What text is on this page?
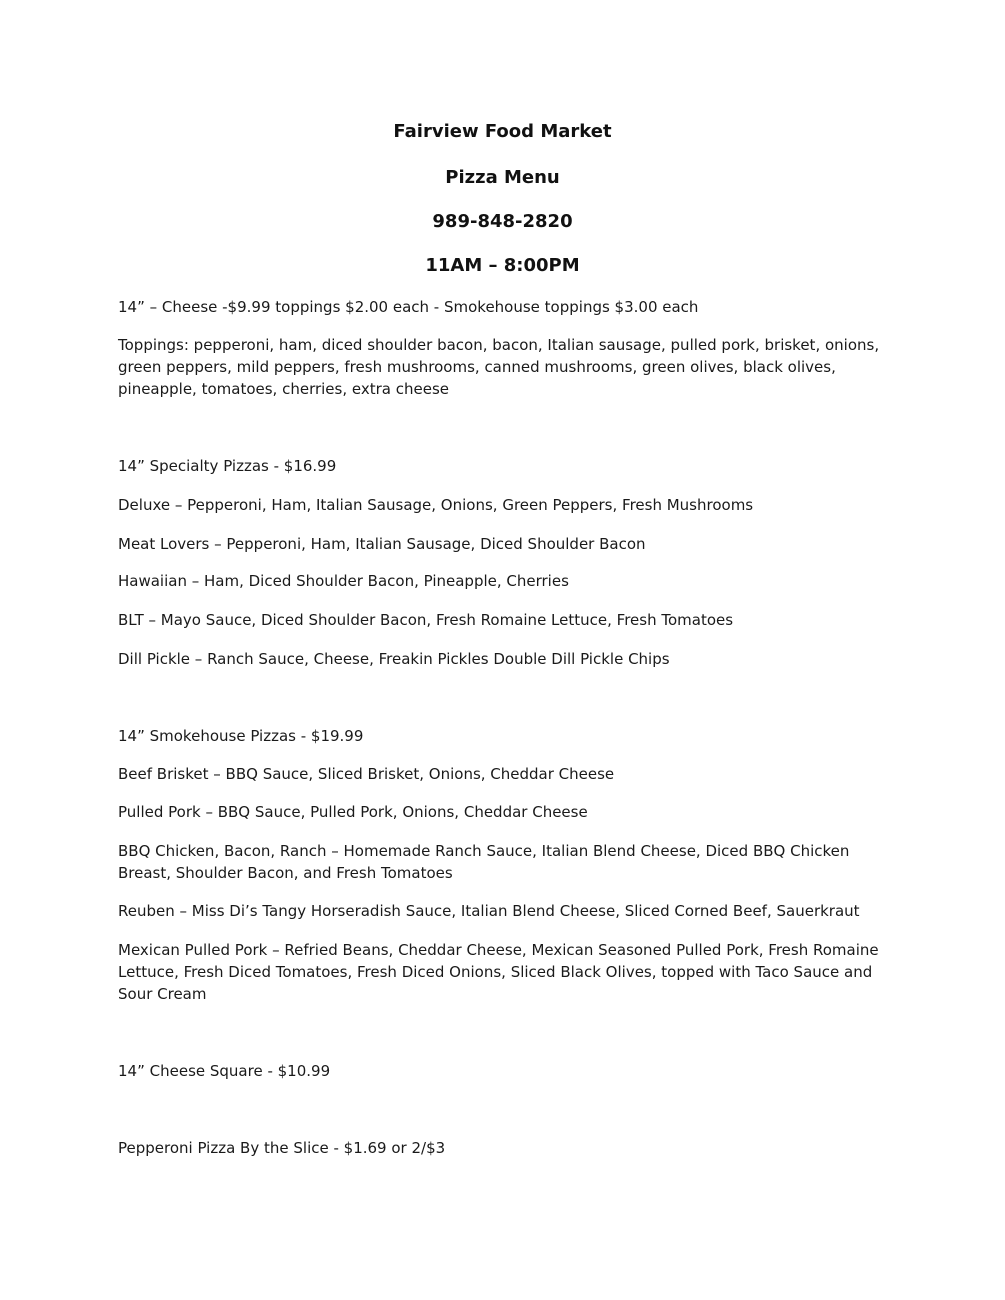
Fairview Food Market
Pizza Menu
989-848-2820
11AM – 8:00PM
14” – Cheese -$9.99 toppings $2.00 each - Smokehouse toppings $3.00 each
Toppings: pepperoni, ham, diced shoulder bacon, bacon, Italian sausage, pulled pork, brisket, onions, green peppers, mild peppers, fresh mushrooms, canned mushrooms, green olives, black olives, pineapple, tomatoes, cherries, extra cheese
14” Specialty Pizzas - $16.99
Deluxe – Pepperoni, Ham, Italian Sausage, Onions, Green Peppers, Fresh Mushrooms
Meat Lovers – Pepperoni, Ham, Italian Sausage, Diced Shoulder Bacon
Hawaiian – Ham, Diced Shoulder Bacon, Pineapple, Cherries
BLT – Mayo Sauce, Diced Shoulder Bacon, Fresh Romaine Lettuce, Fresh Tomatoes
Dill Pickle – Ranch Sauce, Cheese, Freakin Pickles Double Dill Pickle Chips
14” Smokehouse Pizzas - $19.99
Beef Brisket – BBQ Sauce, Sliced Brisket, Onions, Cheddar Cheese
Pulled Pork – BBQ Sauce, Pulled Pork, Onions, Cheddar Cheese
BBQ Chicken, Bacon, Ranch – Homemade Ranch Sauce, Italian Blend Cheese, Diced BBQ Chicken Breast, Shoulder Bacon, and Fresh Tomatoes
Reuben – Miss Di’s Tangy Horseradish Sauce, Italian Blend Cheese, Sliced Corned Beef, Sauerkraut
Mexican Pulled Pork – Refried Beans, Cheddar Cheese, Mexican Seasoned Pulled Pork, Fresh Romaine Lettuce, Fresh Diced Tomatoes, Fresh Diced Onions, Sliced Black Olives, topped with Taco Sauce and Sour Cream
14” Cheese Square - $10.99
Pepperoni Pizza By the Slice - $1.69 or 2/$3
